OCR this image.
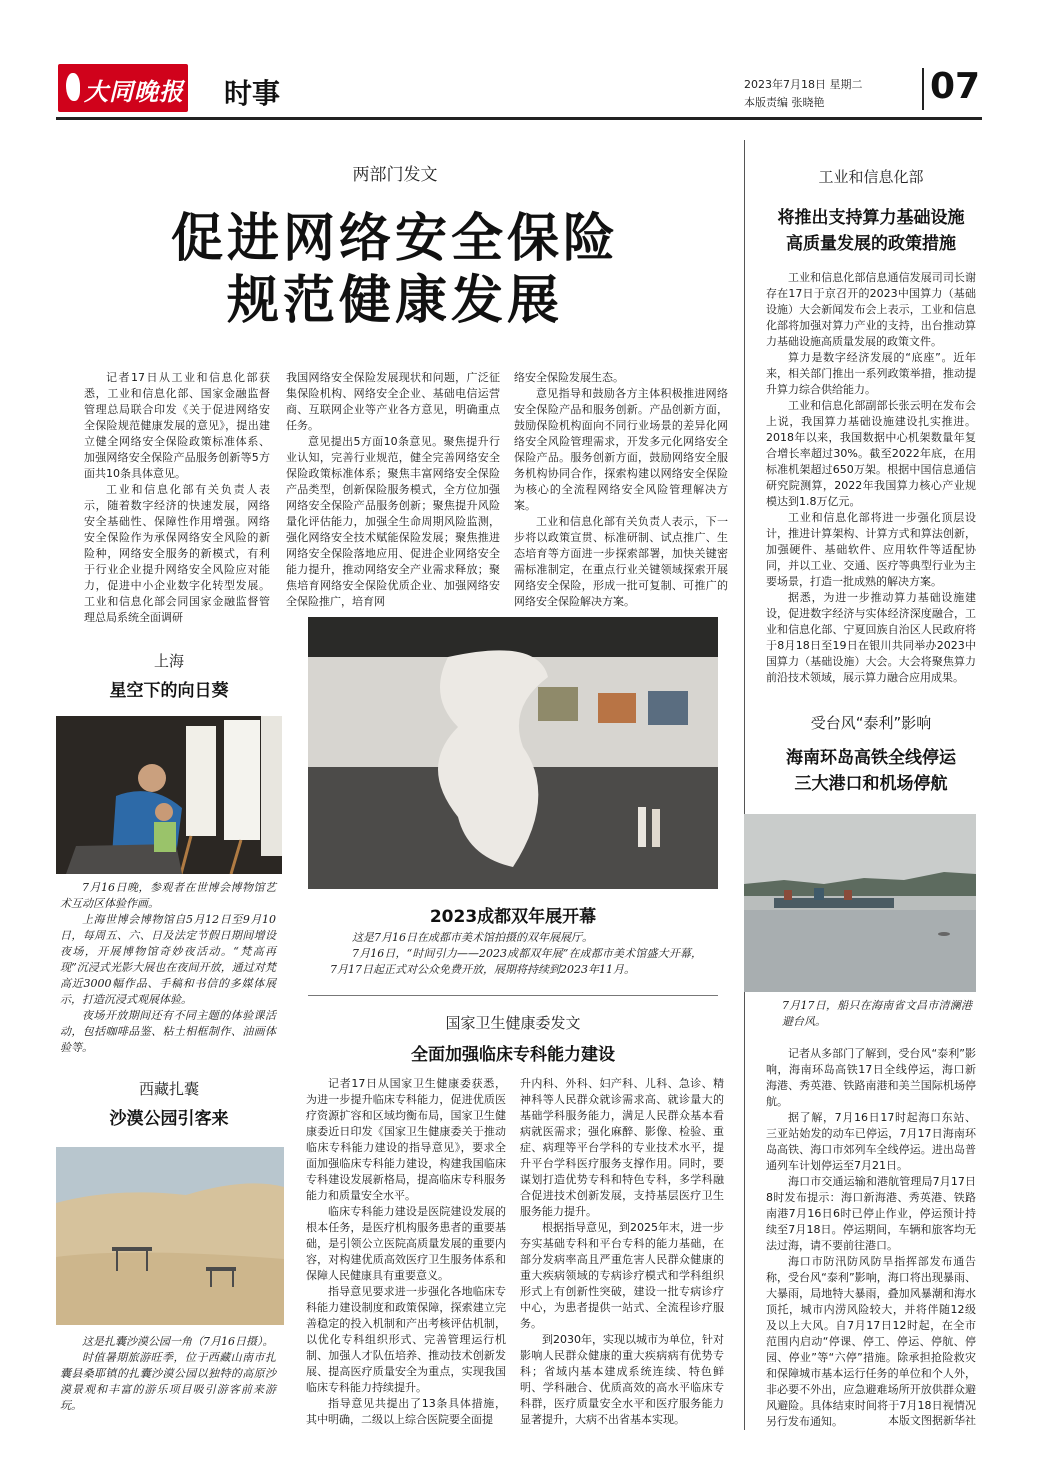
大同晚报 时事	2023年7月18日 星期二
本版责编 张晓艳	07
两部门发文
促进网络安全保险
规范健康发展

记者17日从工业和信息化部获悉，工业和信息化部、国家金融监督管理总局联合印发《关于促进网络安全保险规范健康发展的意见》，提出建立健全网络安全保险政策标准体系、加强网络安全保险产品服务创新等5方面共10条具体意见。

工业和信息化部有关负责人表示，随着数字经济的快速发展，网络安全基础性、保障性作用增强。网络安全保险作为承保网络安全风险的新险种，网络安全服务的新模式，有利于行业企业提升网络安全风险应对能力，促进中小企业数字化转型发展。工业和信息化部会同国家金融监督管理总局系统全面调研

我国网络安全保险发展现状和问题，广泛征集保险机构、网络安全企业、基础电信运营商、互联网企业等产业各方意见，明确重点任务。

意见提出5方面10条意见。聚焦提升行业认知，完善行业规范，健全完善网络安全保险政策标准体系；聚焦丰富网络安全保险产品类型，创新保险服务模式，全方位加强网络安全保险产品服务创新；聚焦提升风险量化评估能力，加强全生命周期风险监测，强化网络安全技术赋能保险发展；聚焦推进网络安全保险落地应用、促进企业网络安全能力提升，推动网络安全产业需求释放；聚焦培育网络安全保险优质企业、加强网络安全保险推广，培育网

络安全保险发展生态。

意见指导和鼓励各方主体积极推进网络安全保险产品和服务创新。产品创新方面，鼓励保险机构面向不同行业场景的差异化网络安全风险管理需求，开发多元化网络安全保险产品。服务创新方面，鼓励网络安全服务机构协同合作，探索构建以网络安全保险为核心的全流程网络安全风险管理解决方案。

工业和信息化部有关负责人表示，下一步将以政策宣贯、标准研制、试点推广、生态培育等方面进一步探索部署，加快关键密需标准制定，在重点行业关键领域探索开展网络安全保险，形成一批可复制、可推广的网络安全保险解决方案。

工业和信息化部
将推出支持算力基础设施
高质量发展的政策措施

工业和信息化部信息通信发展司司长谢存在17日于京召开的2023中国算力（基础设施）大会新闻发布会上表示，工业和信息化部将加强对算力产业的支持，出台推动算力基础设施高质量发展的政策文件。

算力是数字经济发展的“底座”。近年来，相关部门推出一系列政策举措，推动提升算力综合供给能力。

工业和信息化部副部长张云明在发布会上说，我国算力基础设施建设扎实推进。2018年以来，我国数据中心机架数量年复合增长率超过30%。截至2022年底，在用标准机架超过650万架。根据中国信息通信研究院测算，2022年我国算力核心产业规模达到1.8万亿元。

工业和信息化部将进一步强化顶层设计，推进计算架构、计算方式和算法创新，加强硬件、基础软件、应用软件等适配协同，并以工业、交通、医疗等典型行业为主要场景，打造一批成熟的解决方案。

据悉，为进一步推动算力基础设施建设，促进数字经济与实体经济深度融合，工业和信息化部、宁夏回族自治区人民政府将于8月18日至19日在银川共同举办2023中国算力（基础设施）大会。大会将聚焦算力前沿技术领域，展示算力融合应用成果。

受台风“泰利”影响
海南环岛高铁全线停运
三大港口和机场停航

7月17日，船只在海南省文昌市清澜港避台风。

记者从多部门了解到，受台风“泰利”影响，海南环岛高铁17日全线停运，海口新海港、秀英港、铁路南港和美兰国际机场停航。

据了解，7月16日17时起海口东站、三亚站始发的动车已停运，7月17日海南环岛高铁、海口市郊列车全线停运。进出岛普通列车计划停运至7月21日。

海口市交通运输和港航管理局7月17日8时发布提示：海口新海港、秀英港、铁路南港7月16日6时已停止作业，停运预计持续至7月18日。停运期间，车辆和旅客均无法过海，请不要前往港口。

海口市防汛防风防旱指挥部发布通告称，受台风“泰利”影响，海口将出现暴雨、大暴雨，局地特大暴雨，叠加风暴潮和海水顶托，城市内涝风险较大，并将伴随12级及以上大风。自7月17日12时起，在全市范围内启动“停课、停工、停运、停航、停园、停业”等“六停”措施。除承担抢险救灾和保障城市基本运行任务的单位和个人外，非必要不外出，应急避难场所开放供群众避风避险。具体结束时间将于7月18日视情况另行发布通知。	本版文图据新华社
上海
星空下的向日葵

7月16日晚，参观者在世博会博物馆艺术互动区体验作画。

上海世博会博物馆自5月12日至9月10日，每周五、六、日及法定节假日期间增设夜场，开展博物馆奇妙夜活动。“梵高再现”沉浸式光影大展也在夜间开放，通过对梵高近3000幅作品、手稿和书信的多媒体展示，打造沉浸式观展体验。

夜场开放期间还有不同主题的体验课活动，包括咖啡品鉴、粘土相框制作、油画体验等。

2023成都双年展开幕

这是7月16日在成都市美术馆拍摄的双年展展厅。

7月16日，“时间引力——2023成都双年展”在成都市美术馆盛大开幕，7月17日起正式对公众免费开放，展期将持续到2023年11月。

国家卫生健康委发文
全面加强临床专科能力建设

记者17日从国家卫生健康委获悉，为进一步提升临床专科能力，促进优质医疗资源扩容和区域均衡布局，国家卫生健康委近日印发《国家卫生健康委关于推动临床专科能力建设的指导意见》，要求全面加强临床专科能力建设，构建我国临床专科建设发展新格局，提高临床专科服务能力和质量安全水平。

临床专科能力建设是医院建设发展的根本任务，是医疗机构服务患者的重要基础，是引领公立医院高质量发展的重要内容，对构建优质高效医疗卫生服务体系和保障人民健康具有重要意义。

指导意见要求进一步强化各地临床专科能力建设制度和政策保障，探索建立完善稳定的投入机制和产出考核评估机制，以优化专科组织形式、完善管理运行机制、加强人才队伍培养、推动技术创新发展、提高医疗质量安全为重点，实现我国临床专科能力持续提升。

指导意见共提出了13条具体措施，其中明确，二级以上综合医院要全面提

升内科、外科、妇产科、儿科、急诊、精神科等人民群众就诊需求高、就诊量大的基础学科服务能力，满足人民群众基本看病就医需求；强化麻醉、影像、检验、重症、病理等平台学科的专业技术水平，提升平台学科医疗服务支撑作用。同时，要谋划打造优势专科和特色专科，多学科融合促进技术创新发展，支持基层医疗卫生服务能力提升。

根据指导意见，到2025年末，进一步夯实基础专科和平台专科的能力基础，在部分发病率高且严重危害人民群众健康的重大疾病领域的专病诊疗模式和学科组织形式上有创新性突破，建设一批专病诊疗中心，为患者提供一站式、全流程诊疗服务。

到2030年，实现以城市为单位，针对影响人民群众健康的重大疾病病有优势专科；省域内基本建成系统连续、特色鲜明、学科融合、优质高效的高水平临床专科群，医疗质量安全水平和医疗服务能力显著提升，大病不出省基本实现。

西藏扎囊
沙漠公园引客来

这是扎囊沙漠公园一角（7月16日摄）。

时值暑期旅游旺季，位于西藏山南市扎囊县桑耶镇的扎囊沙漠公园以独特的高原沙漠景观和丰富的游乐项目吸引游客前来游玩。
